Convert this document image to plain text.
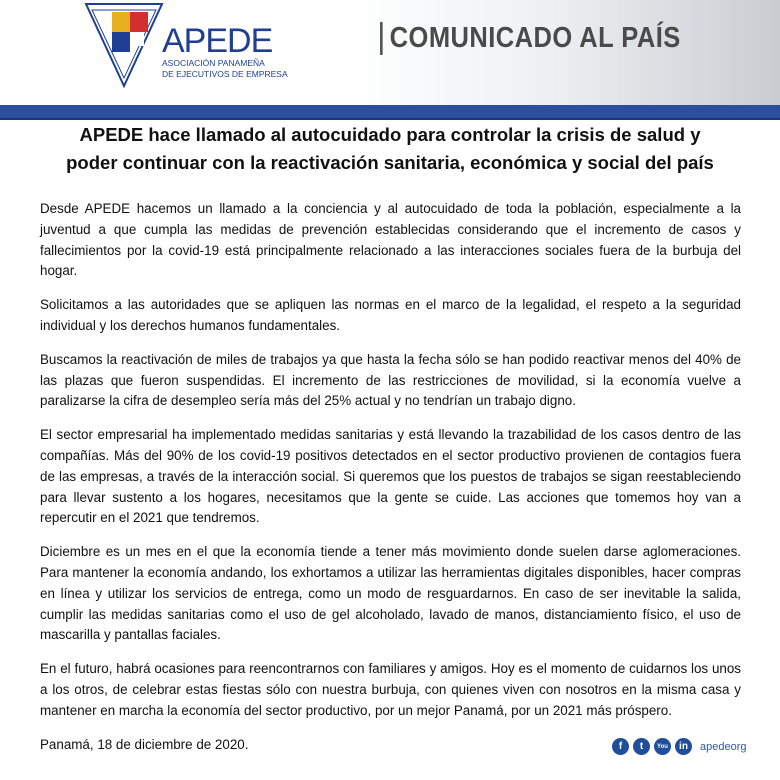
APEDE
ASOCIACIÓN PANAMEÑA
DE EJECUTIVOS DE EMPRESA
COMUNICADO AL PAÍS
APEDE hace llamado al autocuidado para controlar la crisis de salud y
poder continuar con la reactivación sanitaria, económica y social del país

Desde APEDE hacemos un llamado a la conciencia y al autocuidado de toda la población, especialmente a la juventud a que cumpla las medidas de prevención establecidas considerando que el incremento de casos y fallecimientos por la covid-19 está principalmente relacionado a las interacciones sociales fuera de la burbuja del hogar.

Solicitamos a las autoridades que se apliquen las normas en el marco de la legalidad, el respeto a la seguridad individual y los derechos humanos fundamentales.

Buscamos la reactivación de miles de trabajos ya que hasta la fecha sólo se han podido reactivar menos del 40% de las plazas que fueron suspendidas. El incremento de las restricciones de movilidad, si la economía vuelve a paralizarse la cifra de desempleo sería más del 25% actual y no tendrían un trabajo digno.

El sector empresarial ha implementado medidas sanitarias y está llevando la trazabilidad de los casos dentro de las compañías. Más del 90% de los covid-19 positivos detectados en el sector productivo provienen de contagios fuera de las empresas, a través de la interacción social. Si queremos que los puestos de trabajos se sigan reestableciendo para llevar sustento a los hogares, necesitamos que la gente se cuide. Las acciones que tomemos hoy van a repercutir en el 2021 que tendremos.

Diciembre es un mes en el que la economía tiende a tener más movimiento donde suelen darse aglomeraciones. Para mantener la economía andando, los exhortamos a utilizar las herramientas digitales disponibles, hacer compras en línea y utilizar los servicios de entrega, como un modo de resguardarnos. En caso de ser inevitable la salida, cumplir las medidas sanitarias como el uso de gel alcoholado, lavado de manos, distanciamiento físico, el uso de mascarilla y pantallas faciales.

En el futuro, habrá ocasiones para reencontrarnos con familiares y amigos. Hoy es el momento de cuidarnos los unos a los otros, de celebrar estas fiestas sólo con nuestra burbuja, con quienes viven con nosotros en la misma casa y mantener en marcha la economía del sector productivo, por un mejor Panamá, por un 2021 más próspero.

Panamá, 18 de diciembre de 2020.	f	t	You	in	apedeorg
